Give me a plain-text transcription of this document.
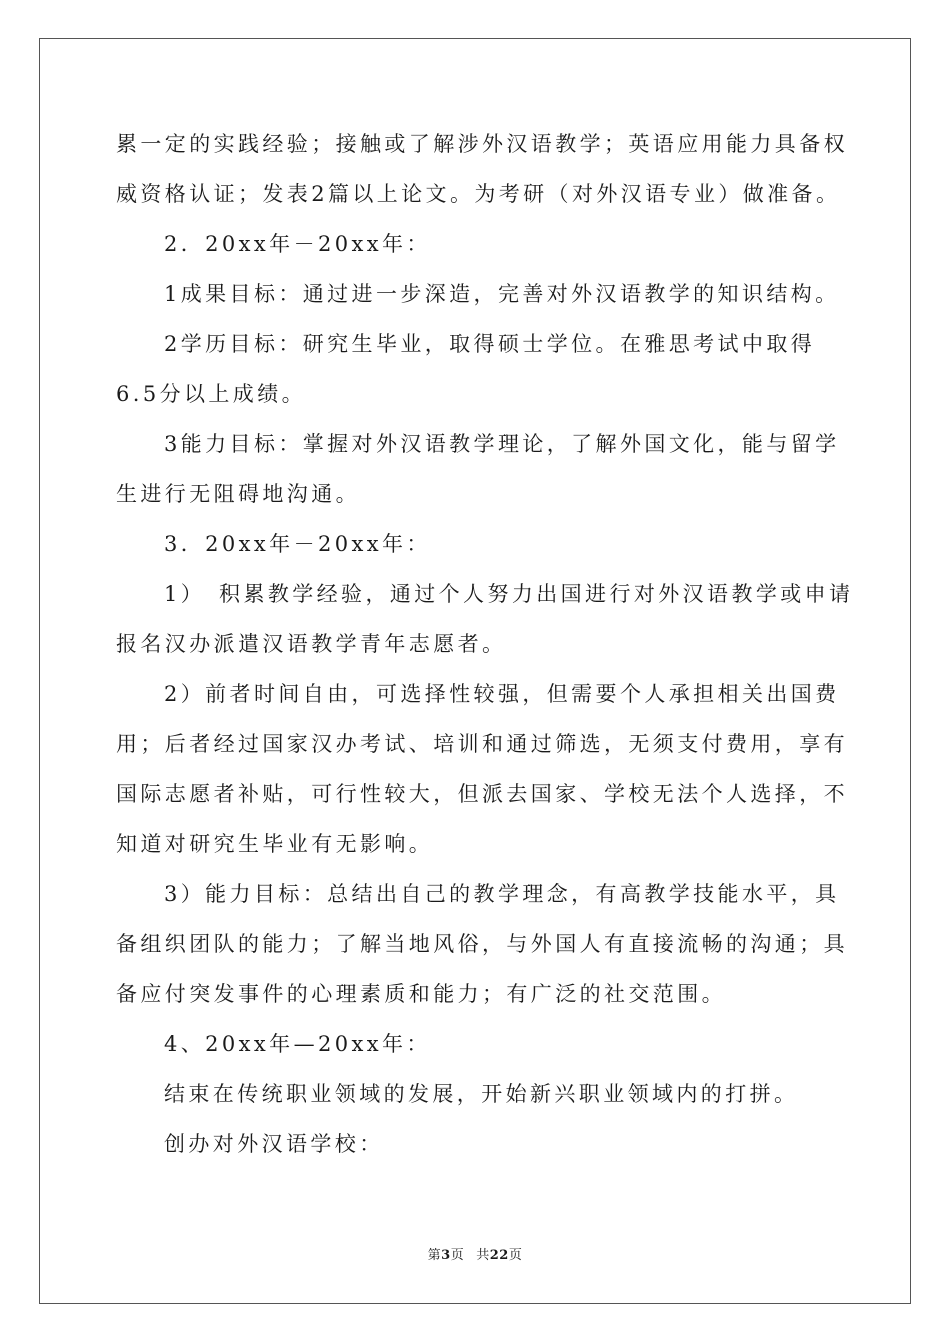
累一定的实践经验；接触或了解涉外汉语教学；英语应用能力具备权
威资格认证；发表2篇以上论文。为考研（对外汉语专业）做准备。
2．20xx年－20xx年：
1成果目标：通过进一步深造，完善对外汉语教学的知识结构。
2学历目标：研究生毕业，取得硕士学位。在雅思考试中取得
6.5分以上成绩。
3能力目标：掌握对外汉语教学理论，了解外国文化，能与留学
生进行无阻碍地沟通。
3．20xx年－20xx年：
1）　积累教学经验，通过个人努力出国进行对外汉语教学或申请
报名汉办派遣汉语教学青年志愿者。
2）前者时间自由，可选择性较强，但需要个人承担相关出国费
用；后者经过国家汉办考试、培训和通过筛选，无须支付费用，享有
国际志愿者补贴，可行性较大，但派去国家、学校无法个人选择，不
知道对研究生毕业有无影响。
3）能力目标：总结出自己的教学理念，有高教学技能水平，具
备组织团队的能力；了解当地风俗，与外国人有直接流畅的沟通；具
备应付突发事件的心理素质和能力；有广泛的社交范围。
4、20xx年—20xx年：
结束在传统职业领域的发展，开始新兴职业领域内的打拼。
创办对外汉语学校：
第3页 共22页
